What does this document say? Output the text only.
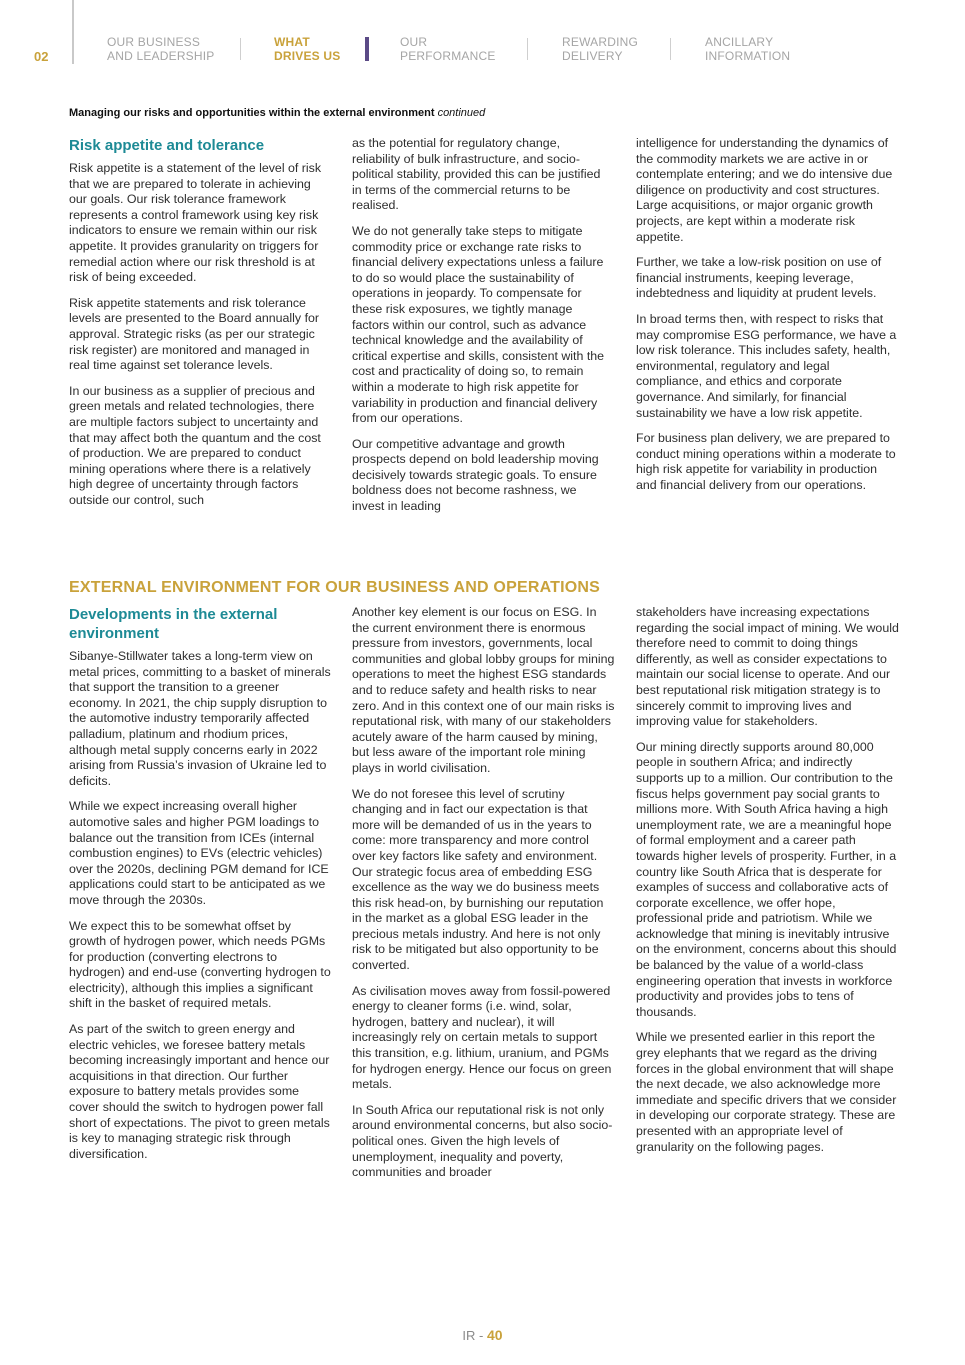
02
OUR BUSINESS
AND LEADERSHIP
WHAT
DRIVES US
OUR
PERFORMANCE
REWARDING
DELIVERY
ANCILLARY
INFORMATION
Managing our risks and opportunities within the external environment continued
Risk appetite and tolerance

Risk appetite is a statement of the level of risk that we are prepared to tolerate in achieving our goals. Our risk tolerance framework represents a control framework using key risk indicators to ensure we remain within our risk appetite. It provides granularity on triggers for remedial action where our risk threshold is at risk of being exceeded.

Risk appetite statements and risk tolerance levels are presented to the Board annually for approval. Strategic risks (as per our strategic risk register) are monitored and managed in real time against set tolerance levels.

In our business as a supplier of precious and green metals and related technologies, there are multiple factors subject to uncertainty and that may affect both the quantum and the cost of production. We are prepared to conduct mining operations where there is a relatively high degree of uncertainty through factors outside our control, such

as the potential for regulatory change, reliability of bulk infrastructure, and socio-political stability, provided this can be justified in terms of the commercial returns to be realised.

We do not generally take steps to mitigate commodity price or exchange rate risks to financial delivery expectations unless a failure to do so would place the sustainability of operations in jeopardy. To compensate for these risk exposures, we tightly manage factors within our control, such as advance technical knowledge and the availability of critical expertise and skills, consistent with the cost and practicality of doing so, to remain within a moderate to high risk appetite for variability in production and financial delivery from our operations.

Our competitive advantage and growth prospects depend on bold leadership moving decisively towards strategic goals. To ensure boldness does not become rashness, we invest in leading

intelligence for understanding the dynamics of the commodity markets we are active in or contemplate entering; and we do intensive due diligence on productivity and cost structures. Large acquisitions, or major organic growth projects, are kept within a moderate risk appetite.

Further, we take a low-risk position on use of financial instruments, keeping leverage, indebtedness and liquidity at prudent levels.

In broad terms then, with respect to risks that may compromise ESG performance, we have a low risk tolerance. This includes safety, health, environmental, regulatory and legal compliance, and ethics and corporate governance. And similarly, for financial sustainability we have a low risk appetite.

For business plan delivery, we are prepared to conduct mining operations within a moderate to high risk appetite for variability in production and financial delivery from our operations.

EXTERNAL ENVIRONMENT FOR OUR BUSINESS AND OPERATIONS
Developments in the external environment

Sibanye-Stillwater takes a long-term view on metal prices, committing to a basket of minerals that support the transition to a greener economy. In 2021, the chip supply disruption to the automotive industry temporarily affected palladium, platinum and rhodium prices, although metal supply concerns early in 2022 arising from Russia’s invasion of Ukraine led to deficits.

While we expect increasing overall higher automotive sales and higher PGM loadings to balance out the transition from ICEs (internal combustion engines) to EVs (electric vehicles) over the 2020s, declining PGM demand for ICE applications could start to be anticipated as we move through the 2030s.

We expect this to be somewhat offset by growth of hydrogen power, which needs PGMs for production (converting electrons to hydrogen) and end-use (converting hydrogen to electricity), although this implies a significant shift in the basket of required metals.

As part of the switch to green energy and electric vehicles, we foresee battery metals becoming increasingly important and hence our acquisitions in that direction. Our further exposure to battery metals provides some cover should the switch to hydrogen power fall short of expectations. The pivot to green metals is key to managing strategic risk through diversification.

Another key element is our focus on ESG. In the current environment there is enormous pressure from investors, governments, local communities and global lobby groups for mining operations to meet the highest ESG standards and to reduce safety and health risks to near zero. And in this context one of our main risks is reputational risk, with many of our stakeholders acutely aware of the harm caused by mining, but less aware of the important role mining plays in world civilisation.

We do not foresee this level of scrutiny changing and in fact our expectation is that more will be demanded of us in the years to come: more transparency and more control over key factors like safety and environment. Our strategic focus area of embedding ESG excellence as the way we do business meets this risk head-on, by burnishing our reputation in the market as a global ESG leader in the precious metals industry. And here is not only risk to be mitigated but also opportunity to be converted.

As civilisation moves away from fossil-powered energy to cleaner forms (i.e. wind, solar, hydrogen, battery and nuclear), it will increasingly rely on certain metals to support this transition, e.g. lithium, uranium, and PGMs for hydrogen energy. Hence our focus on green metals.

In South Africa our reputational risk is not only around environmental concerns, but also socio-political ones. Given the high levels of unemployment, inequality and poverty, communities and broader

stakeholders have increasing expectations regarding the social impact of mining. We would therefore need to commit to doing things differently, as well as consider expectations to maintain our social license to operate. And our best reputational risk mitigation strategy is to sincerely commit to improving lives and improving value for stakeholders.

Our mining directly supports around 80,000 people in southern Africa; and indirectly supports up to a million. Our contribution to the fiscus helps government pay social grants to millions more. With South Africa having a high unemployment rate, we are a meaningful hope of formal employment and a career path towards higher levels of prosperity. Further, in a country like South Africa that is desperate for examples of success and collaborative acts of corporate excellence, we offer hope, professional pride and patriotism. While we acknowledge that mining is inevitably intrusive on the environment, concerns about this should be balanced by the value of a world-class engineering operation that invests in workforce productivity and provides jobs to tens of thousands.

While we presented earlier in this report the grey elephants that we regard as the driving forces in the global environment that will shape the next decade, we also acknowledge more immediate and specific drivers that we consider in developing our corporate strategy. These are presented with an appropriate level of granularity on the following pages.

IR - 40
